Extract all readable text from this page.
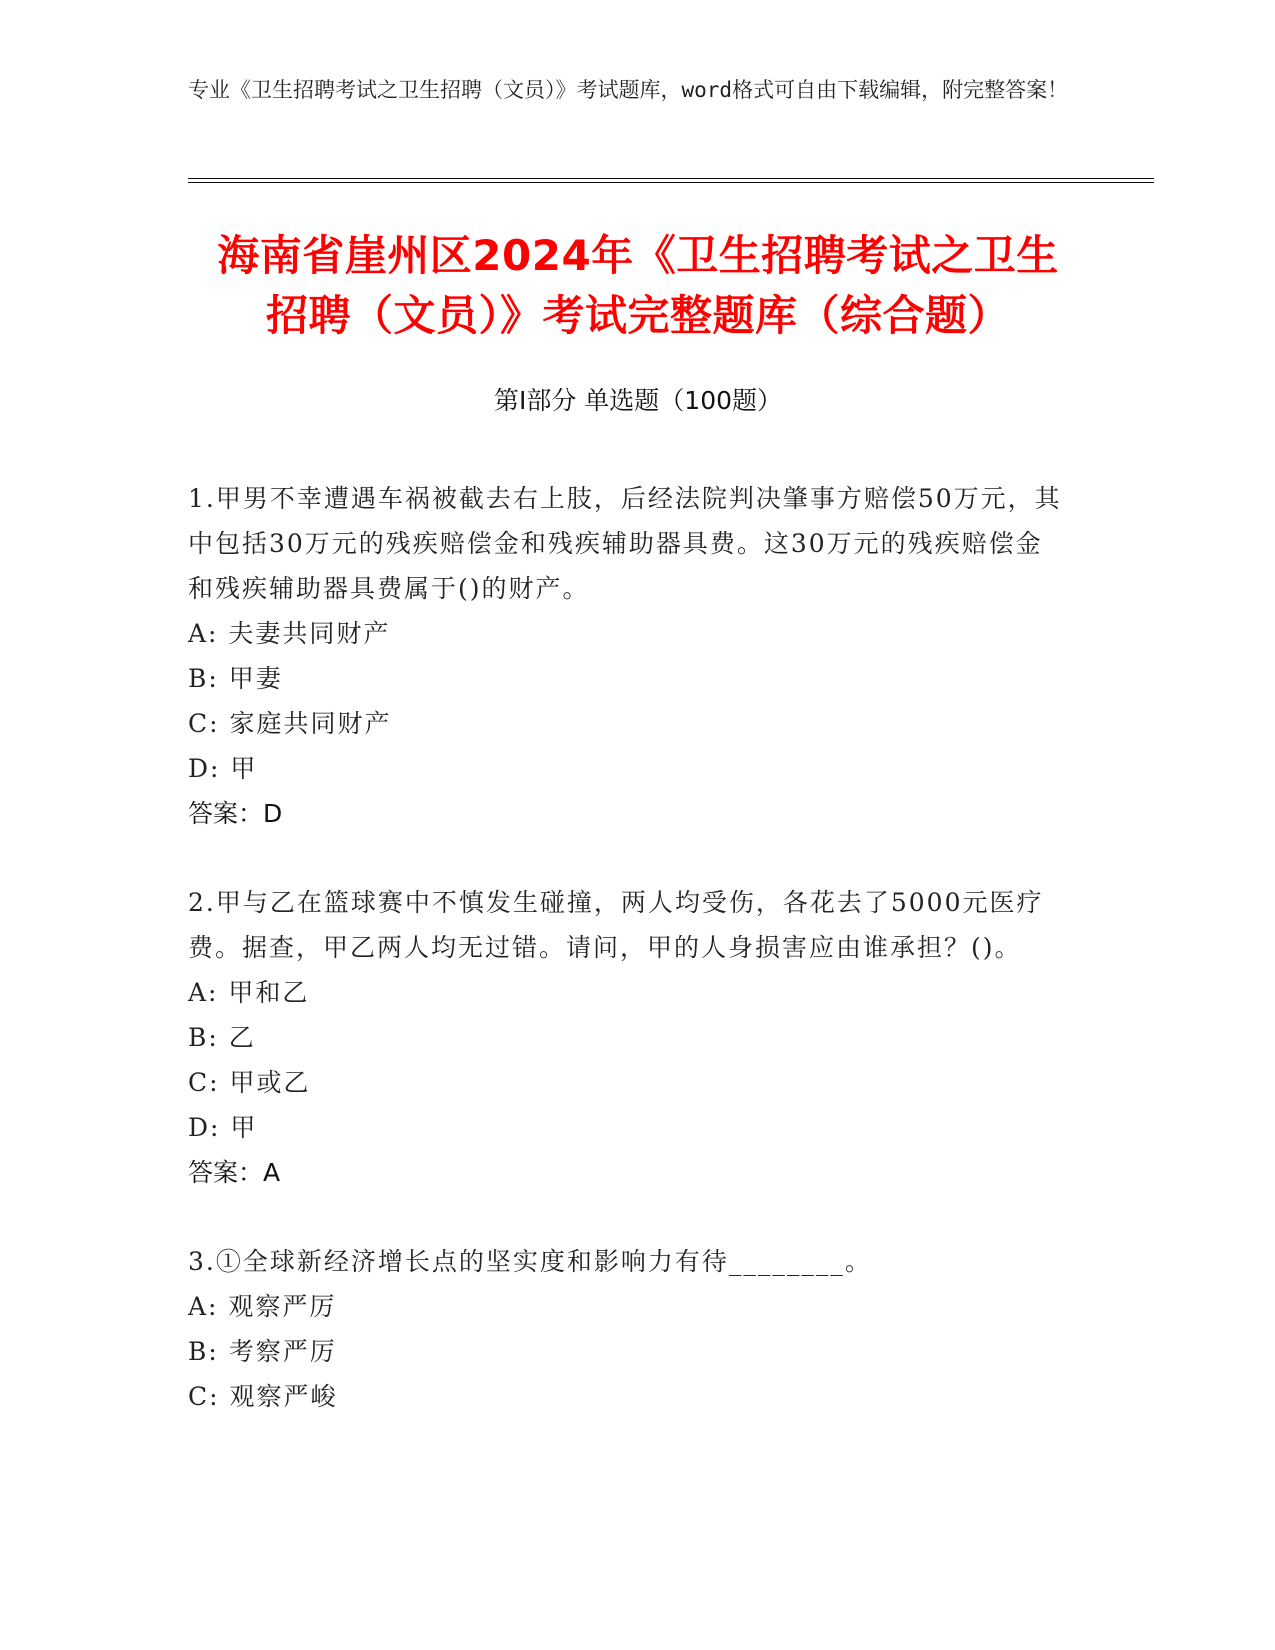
专业《卫生招聘考试之卫生招聘（文员）》考试题库，word格式可自由下载编辑，附完整答案！
海南省崖州区2024年《卫生招聘考试之卫生
招聘（文员）》考试完整题库（综合题）
第I部分 单选题（100题）
1.甲男不幸遭遇车祸被截去右上肢，后经法院判决肇事方赔偿50万元，其中包括30万元的残疾赔偿金和残疾辅助器具费。这30万元的残疾赔偿金和残疾辅助器具费属于()的财产。
A: 夫妻共同财产
B: 甲妻
C: 家庭共同财产
D: 甲
答案：D
2.甲与乙在篮球赛中不慎发生碰撞，两人均受伤，各花去了5000元医疗费。据查，甲乙两人均无过错。请问，甲的人身损害应由谁承担？()。
A: 甲和乙
B: 乙
C: 甲或乙
D: 甲
答案：A
3.①全球新经济增长点的坚实度和影响力有待________。
A: 观察严厉
B: 考察严厉
C: 观察严峻
